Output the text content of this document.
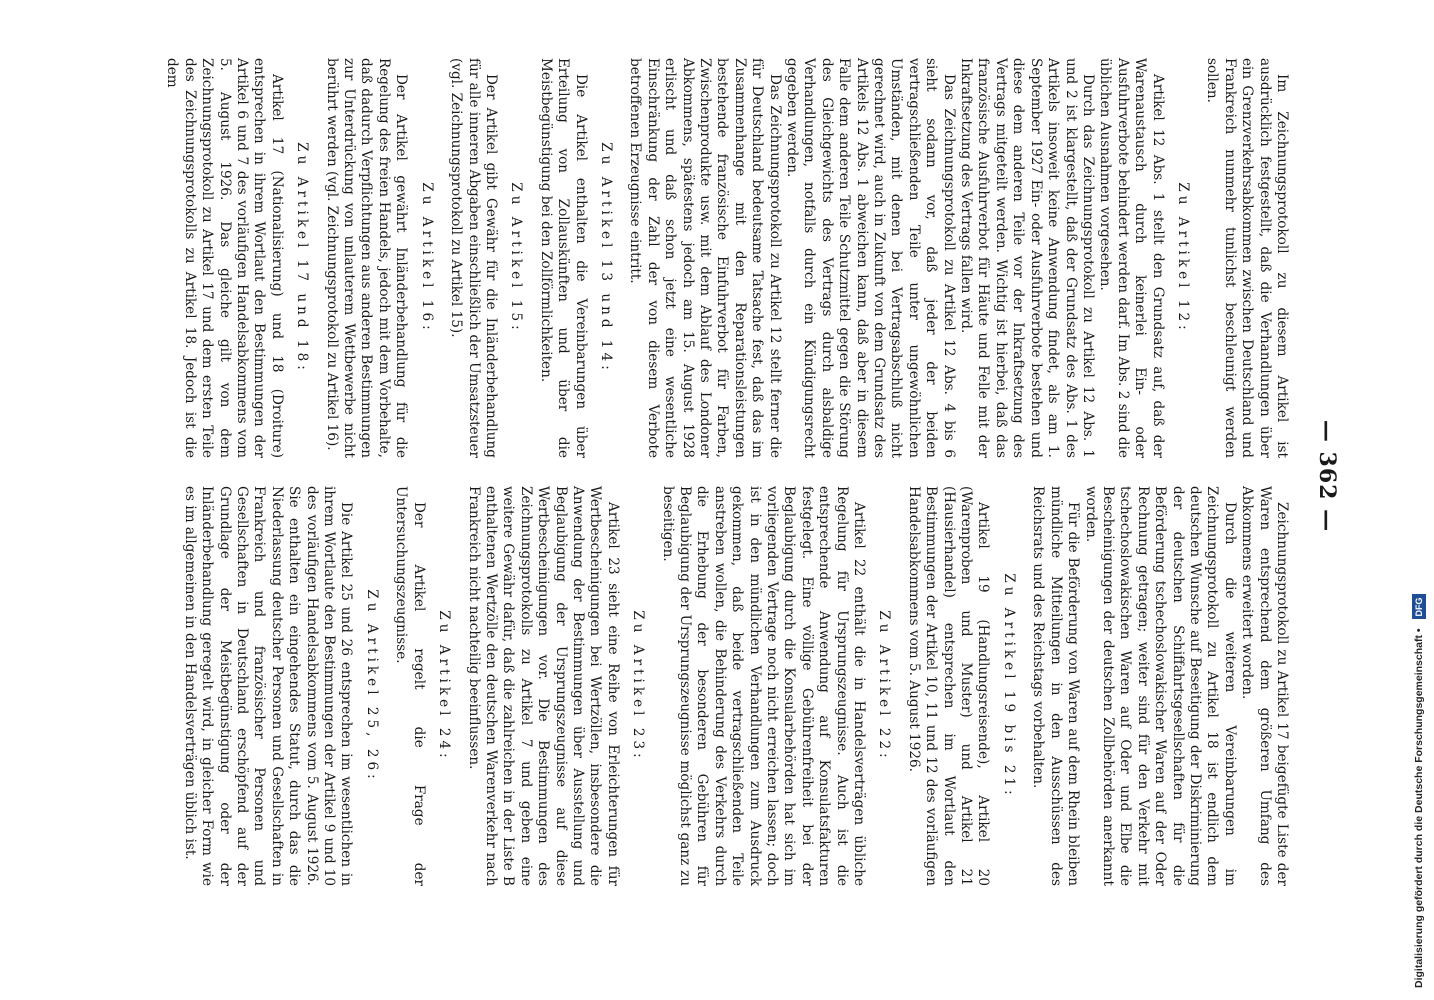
— 362 —

Im Zeichnungsprotokoll zu diesem Artikel ist ausdrücklich festgestellt, daß die Verhandlungen über ein Grenzverkehrsabkommen zwischen Deutschland und Frankreich nunmehr tunlichst beschleunigt werden sollen.

Zu Artikel 12:

Artikel 12 Abs. 1 stellt den Grundsatz auf, daß der Warenaustausch durch keinerlei Ein- oder Ausfuhrverbote behindert werden darf. Im Abs. 2 sind die üblichen Ausnahmen vorgesehen.

Durch das Zeichnungsprotokoll zu Artikel 12 Abs. 1 und 2 ist klargestellt, daß der Grundsatz des Abs. 1 des Artikels insoweit keine Anwendung findet, als am 1. September 1927 Ein- oder Ausfuhrverbote bestehen und diese dem anderen Teile vor der Inkraftsetzung des Vertrags mitgeteilt werden. Wichtig ist hierbei, daß das französische Ausfuhrverbot für Häute und Felle mit der Inkraftsetzung des Vertrags fallen wird.

Das Zeichnungsprotokoll zu Artikel 12 Abs. 4 bis 6 sieht sodann vor, daß jeder der beiden vertragschließenden Teile unter ungewöhnlichen Umständen, mit denen bei Vertragsabschluß nicht gerechnet wird, auch in Zukunft von dem Grundsatz des Artikels 12 Abs. 1 abweichen kann, daß aber in diesem Falle dem anderen Teile Schutzmittel gegen die Störung des Gleichgewichts des Vertrags durch alsbaldige Verhandlungen, notfalls durch ein Kündigungsrecht gegeben werden.

Das Zeichnungsprotokoll zu Artikel 12 stellt ferner die für Deutschland bedeutsame Tatsache fest, daß das im Zusammenhange mit den Reparationsleistungen bestehende französische Einfuhrverbot für Farben, Zwischenprodukte usw. mit dem Ablauf des Londoner Abkommens, spätestens jedoch am 15. August 1928 erlischt und daß schon jetzt eine wesentliche Einschränkung der Zahl der von diesem Verbote betroffenen Erzeugnisse eintritt.

Zu Artikel 13 und 14:

Die Artikel enthalten die Vereinbarungen über Erteilung von Zollauskünften und über die Meistbegünstigung bei den Zollförmlichkeiten.

Zu Artikel 15:

Der Artikel gibt Gewähr für die Inländerbehandlung für alle inneren Abgaben einschließlich der Umsatzsteuer (vgl. Zeichnungsprotokoll zu Artikel 15).

Zu Artikel 16:

Der Artikel gewährt Inländerbehandlung für die Regelung des freien Handels, jedoch mit dem Vorbehalte, daß dadurch Verpflichtungen aus anderen Bestimmungen zur Unterdrückung von unlauterem Wettbewerbe nicht berührt werden (vgl. Zeichnungsprotokoll zu Artikel 16).

Zu Artikel 17 und 18:

Artikel 17 (Nationalisierung) und 18 (Droiture) entsprechen in ihrem Wortlaut den Bestimmungen der Artikel 6 und 7 des vorläufigen Handelsabkommens vom 5. August 1926. Das gleiche gilt von dem Zeichnungsprotokoll zu Artikel 17 und dem ersten Teile des Zeichnungsprotokolls zu Artikel 18. Jedoch ist die dem

Zeichnungsprotokoll zu Artikel 17 beigefügte Liste der Waren entsprechend dem größeren Umfang des Abkommens erweitert worden.

Durch die weiteren Vereinbarungen im Zeichnungsprotokoll zu Artikel 18 ist endlich dem deutschen Wunsche auf Beseitigung der Diskriminierung der deutschen Schiffahrtsgesellschaften für die Beförderung tschechoslowakischer Waren auf der Oder Rechnung getragen; weiter sind für den Verkehr mit tschechoslowakischen Waren auf Oder und Elbe die Bescheinigungen der deutschen Zollbehörden anerkannt worden.

Für die Beförderung von Waren auf dem Rhein bleiben mündliche Mitteilungen in den Ausschüssen des Reichsrats und des Reichstags vorbehalten.

Zu Artikel 19 bis 21:

Artikel 19 (Handlungsreisende), Artikel 20 (Warenproben und Muster) und Artikel 21 (Hausierhandel) entsprechen im Wortlaut den Bestimmungen der Artikel 10, 11 und 12 des vorläufigen Handelsabkommens vom 5. August 1926.

Zu Artikel 22:

Artikel 22 enthält die in Handelsverträgen übliche Regelung für Ursprungszeugnisse. Auch ist die entsprechende Anwendung auf Konsulatsfakturen festgelegt. Eine völlige Gebührenfreiheit bei der Beglaubigung durch die Konsularbehörden hat sich im vorliegenden Vertrage noch nicht erreichen lassen; doch ist in den mündlichen Verhandlungen zum Ausdruck gekommen, daß beide vertragschließenden Teile anstreben wollen, die Behinderung des Verkehrs durch die Erhebung der besonderen Gebühren für Beglaubigung der Ursprungszeugnisse möglichst ganz zu beseitigen.

Zu Artikel 23:

Artikel 23 sieht eine Reihe von Erleichterungen für Wertbescheinigungen bei Wertzöllen, insbesondere die Anwendung der Bestimmungen über Ausstellung und Beglaubigung der Ursprungszeugnisse auf diese Wertbescheinigungen vor. Die Bestimmungen des Zeichnungsprotokolls zu Artikel 7 und geben eine weitere Gewähr dafür, daß die zahlreichen in der Liste B enthaltenen Wertzölle den deutschen Warenverkehr nach Frankreich nicht nachteilig beeinflussen.

Zu Artikel 24:

Der Artikel regelt die Frage der Untersuchungszeugnisse.

Zu Artikel 25, 26:

Die Artikel 25 und 26 entsprechen im wesentlichen in ihrem Wortlaute den Bestimmungen der Artikel 9 und 10 des vorläufigen Handelsabkommens vom 5. August 1926. Sie enthalten ein eingehendes Statut, durch das die Niederlassung deutscher Personen und Gesellschaften in Frankreich und französischer Personen und Gesellschaften in Deutschland erschöpfend auf der Grundlage der Meistbegünstigung oder der Inländerbehandlung geregelt wird, in gleicher Form wie es im allgemeinen in den Handelsverträgen üblich ist.	Digitalisierung gefördert durch die Deutsche Forschungsgemeinschaft • DFG
